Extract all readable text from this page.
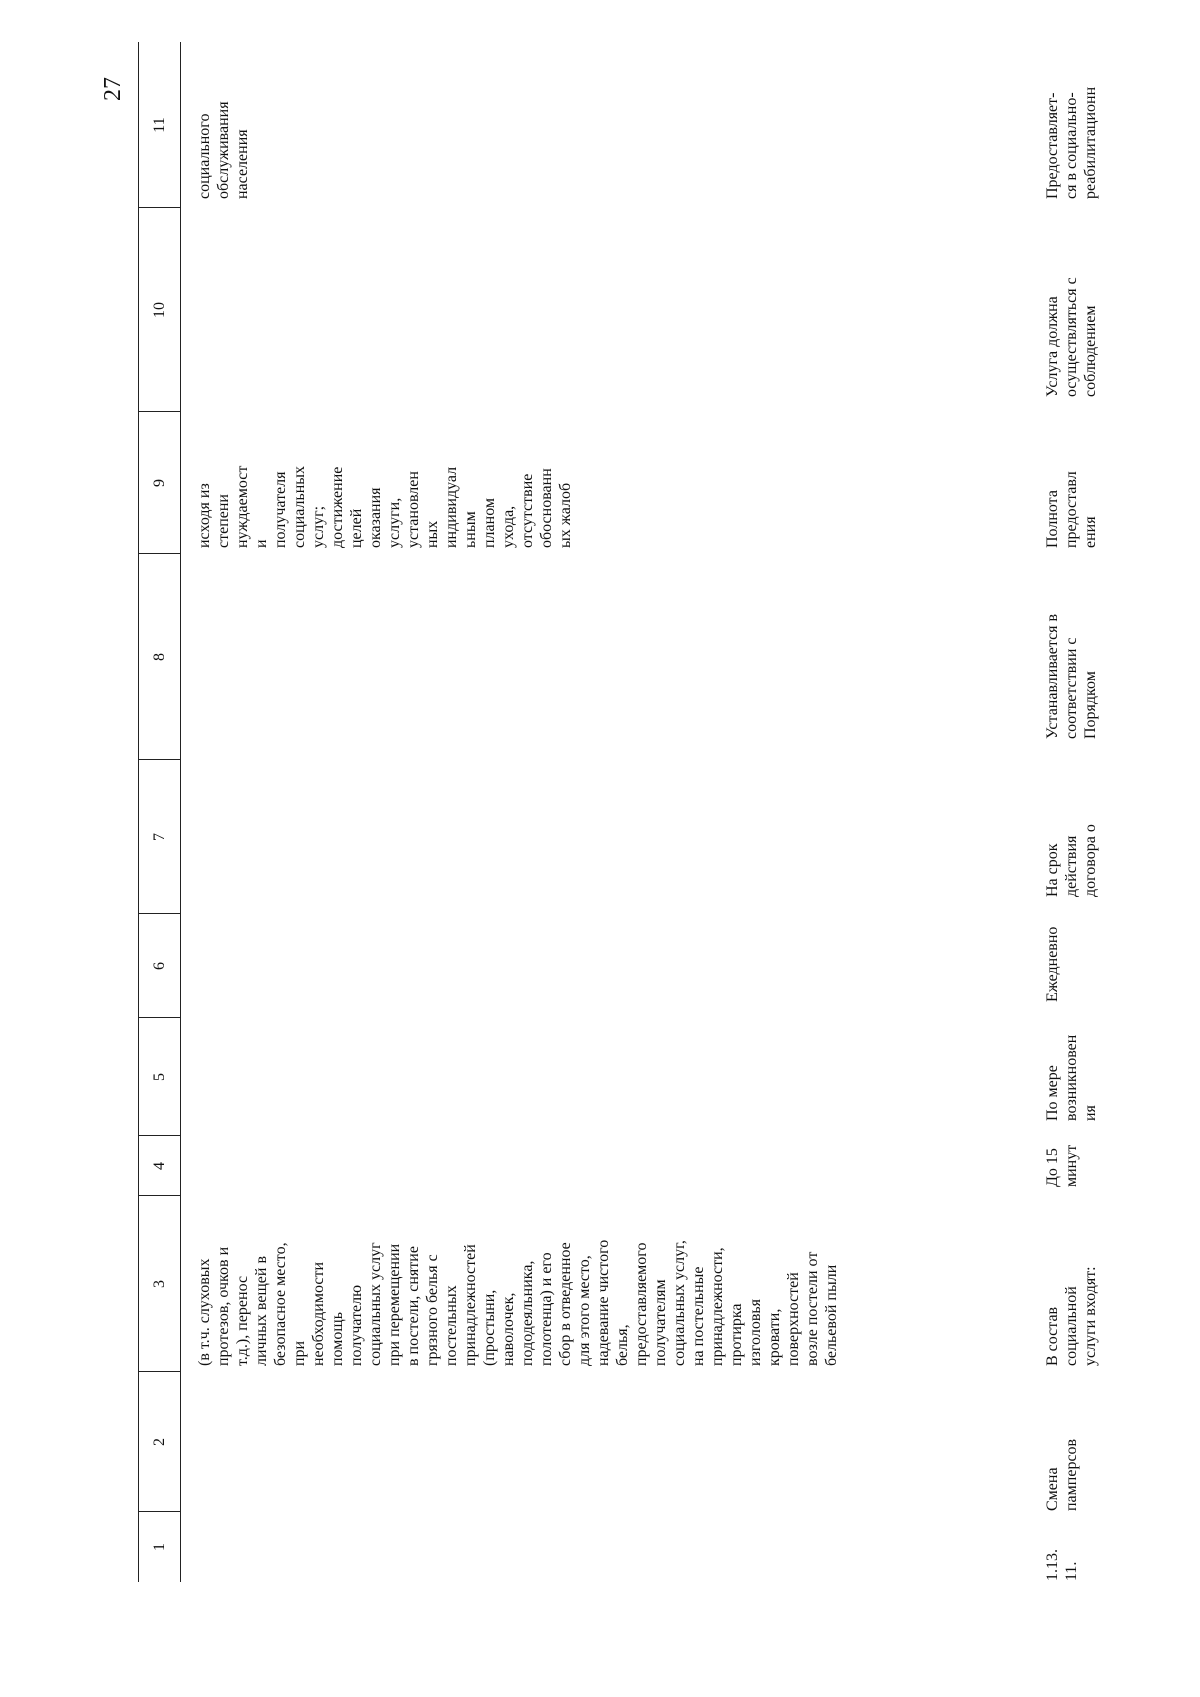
27
1
2
3
4
5
6
7
8
9
10
11
(в т.ч. слуховых
протезов, очков и
т.д.), перенос
личных вещей в
безопасное место,
при
необходимости
помощь
получателю
социальных услуг
при перемещении
в постели, снятие
грязного белья с
постельных
принадлежностей
(простыни,
наволочек,
пододеяльника,
полотенца) и его
сбор в отведенное
для этого место,
надевание чистого
белья,
предоставляемого
получателям
социальных услуг,
на постельные
принадлежности,
протирка
изголовья
кровати,
поверхностей
возле постели от
бельевой пыли
исходя из
степени
нуждаемост
и
получателя
социальных
услуг;
достижение
целей
оказания
услуги,
установлен
ных
индивидуал
ьным
планом
ухода,
отсутствие
обоснованн
ых жалоб
социального
обслуживания
населения
1.13.
11.
Смена
памперсов
В состав
социальной
услуги входят:
До 15
минут
По мере
возникновен
ия
Ежедневно
На срок
действия
договора о
Устанавливается в
соответствии с
Порядком
Полнота
предоставл
ения
Услуга должна
осуществляться с
соблюдением
Предоставляет-
ся в социально-
реабилитационн
